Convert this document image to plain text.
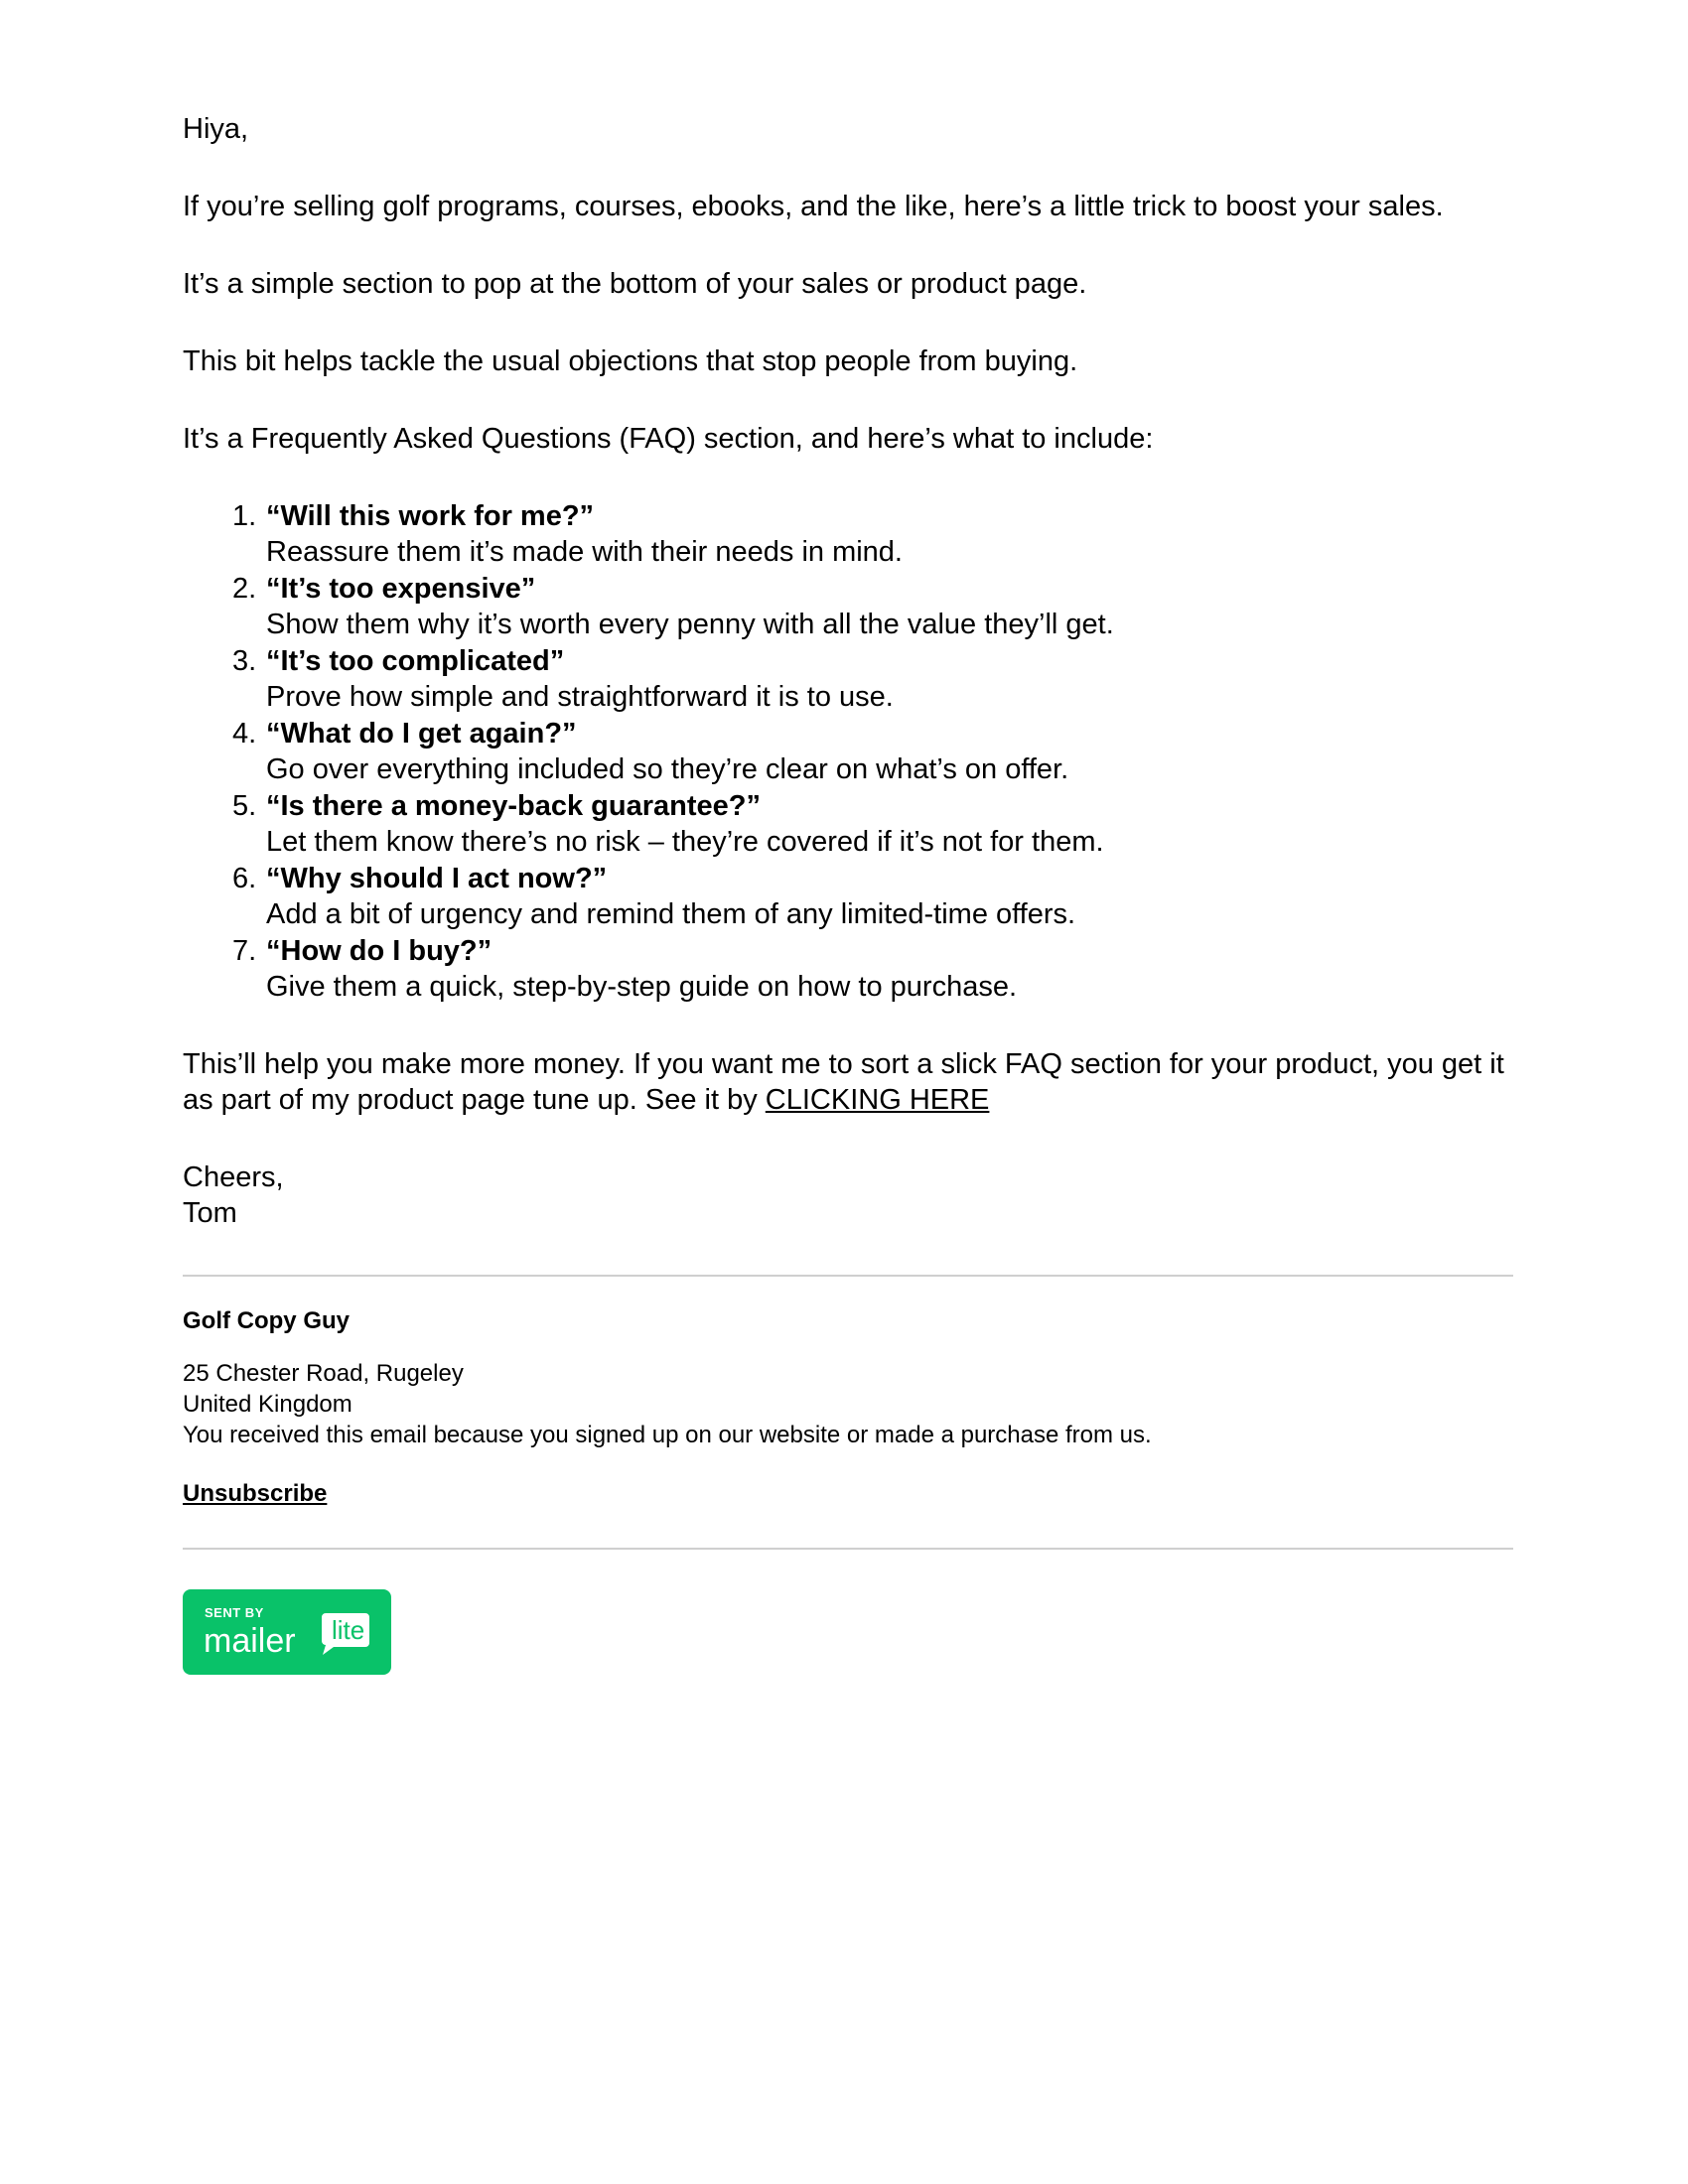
Hiya,

If you’re selling golf programs, courses, ebooks, and the like, here’s a little trick to boost your sales.

It’s a simple section to pop at the bottom of your sales or product page.

This bit helps tackle the usual objections that stop people from buying.

It’s a Frequently Asked Questions (FAQ) section, and here’s what to include:

1. “Will this work for me?”
Reassure them it’s made with their needs in mind.
2. “It’s too expensive”
Show them why it’s worth every penny with all the value they’ll get.
3. “It’s too complicated”
Prove how simple and straightforward it is to use.
4. “What do I get again?”
Go over everything included so they’re clear on what’s on offer.
5. “Is there a money-back guarantee?”
Let them know there’s no risk – they’re covered if it’s not for them.
6. “Why should I act now?”
Add a bit of urgency and remind them of any limited-time offers.
7. “How do I buy?”
Give them a quick, step-by-step guide on how to purchase.

This’ll help you make more money. If you want me to sort a slick FAQ section for your product, you get it as part of my product page tune up. See it by CLICKING HERE

Cheers,

Tom

Golf Copy Guy

25 Chester Road, Rugeley

United Kingdom

You received this email because you signed up on our website or made a purchase from us.

Unsubscribe
SENT BY
mailer lite
